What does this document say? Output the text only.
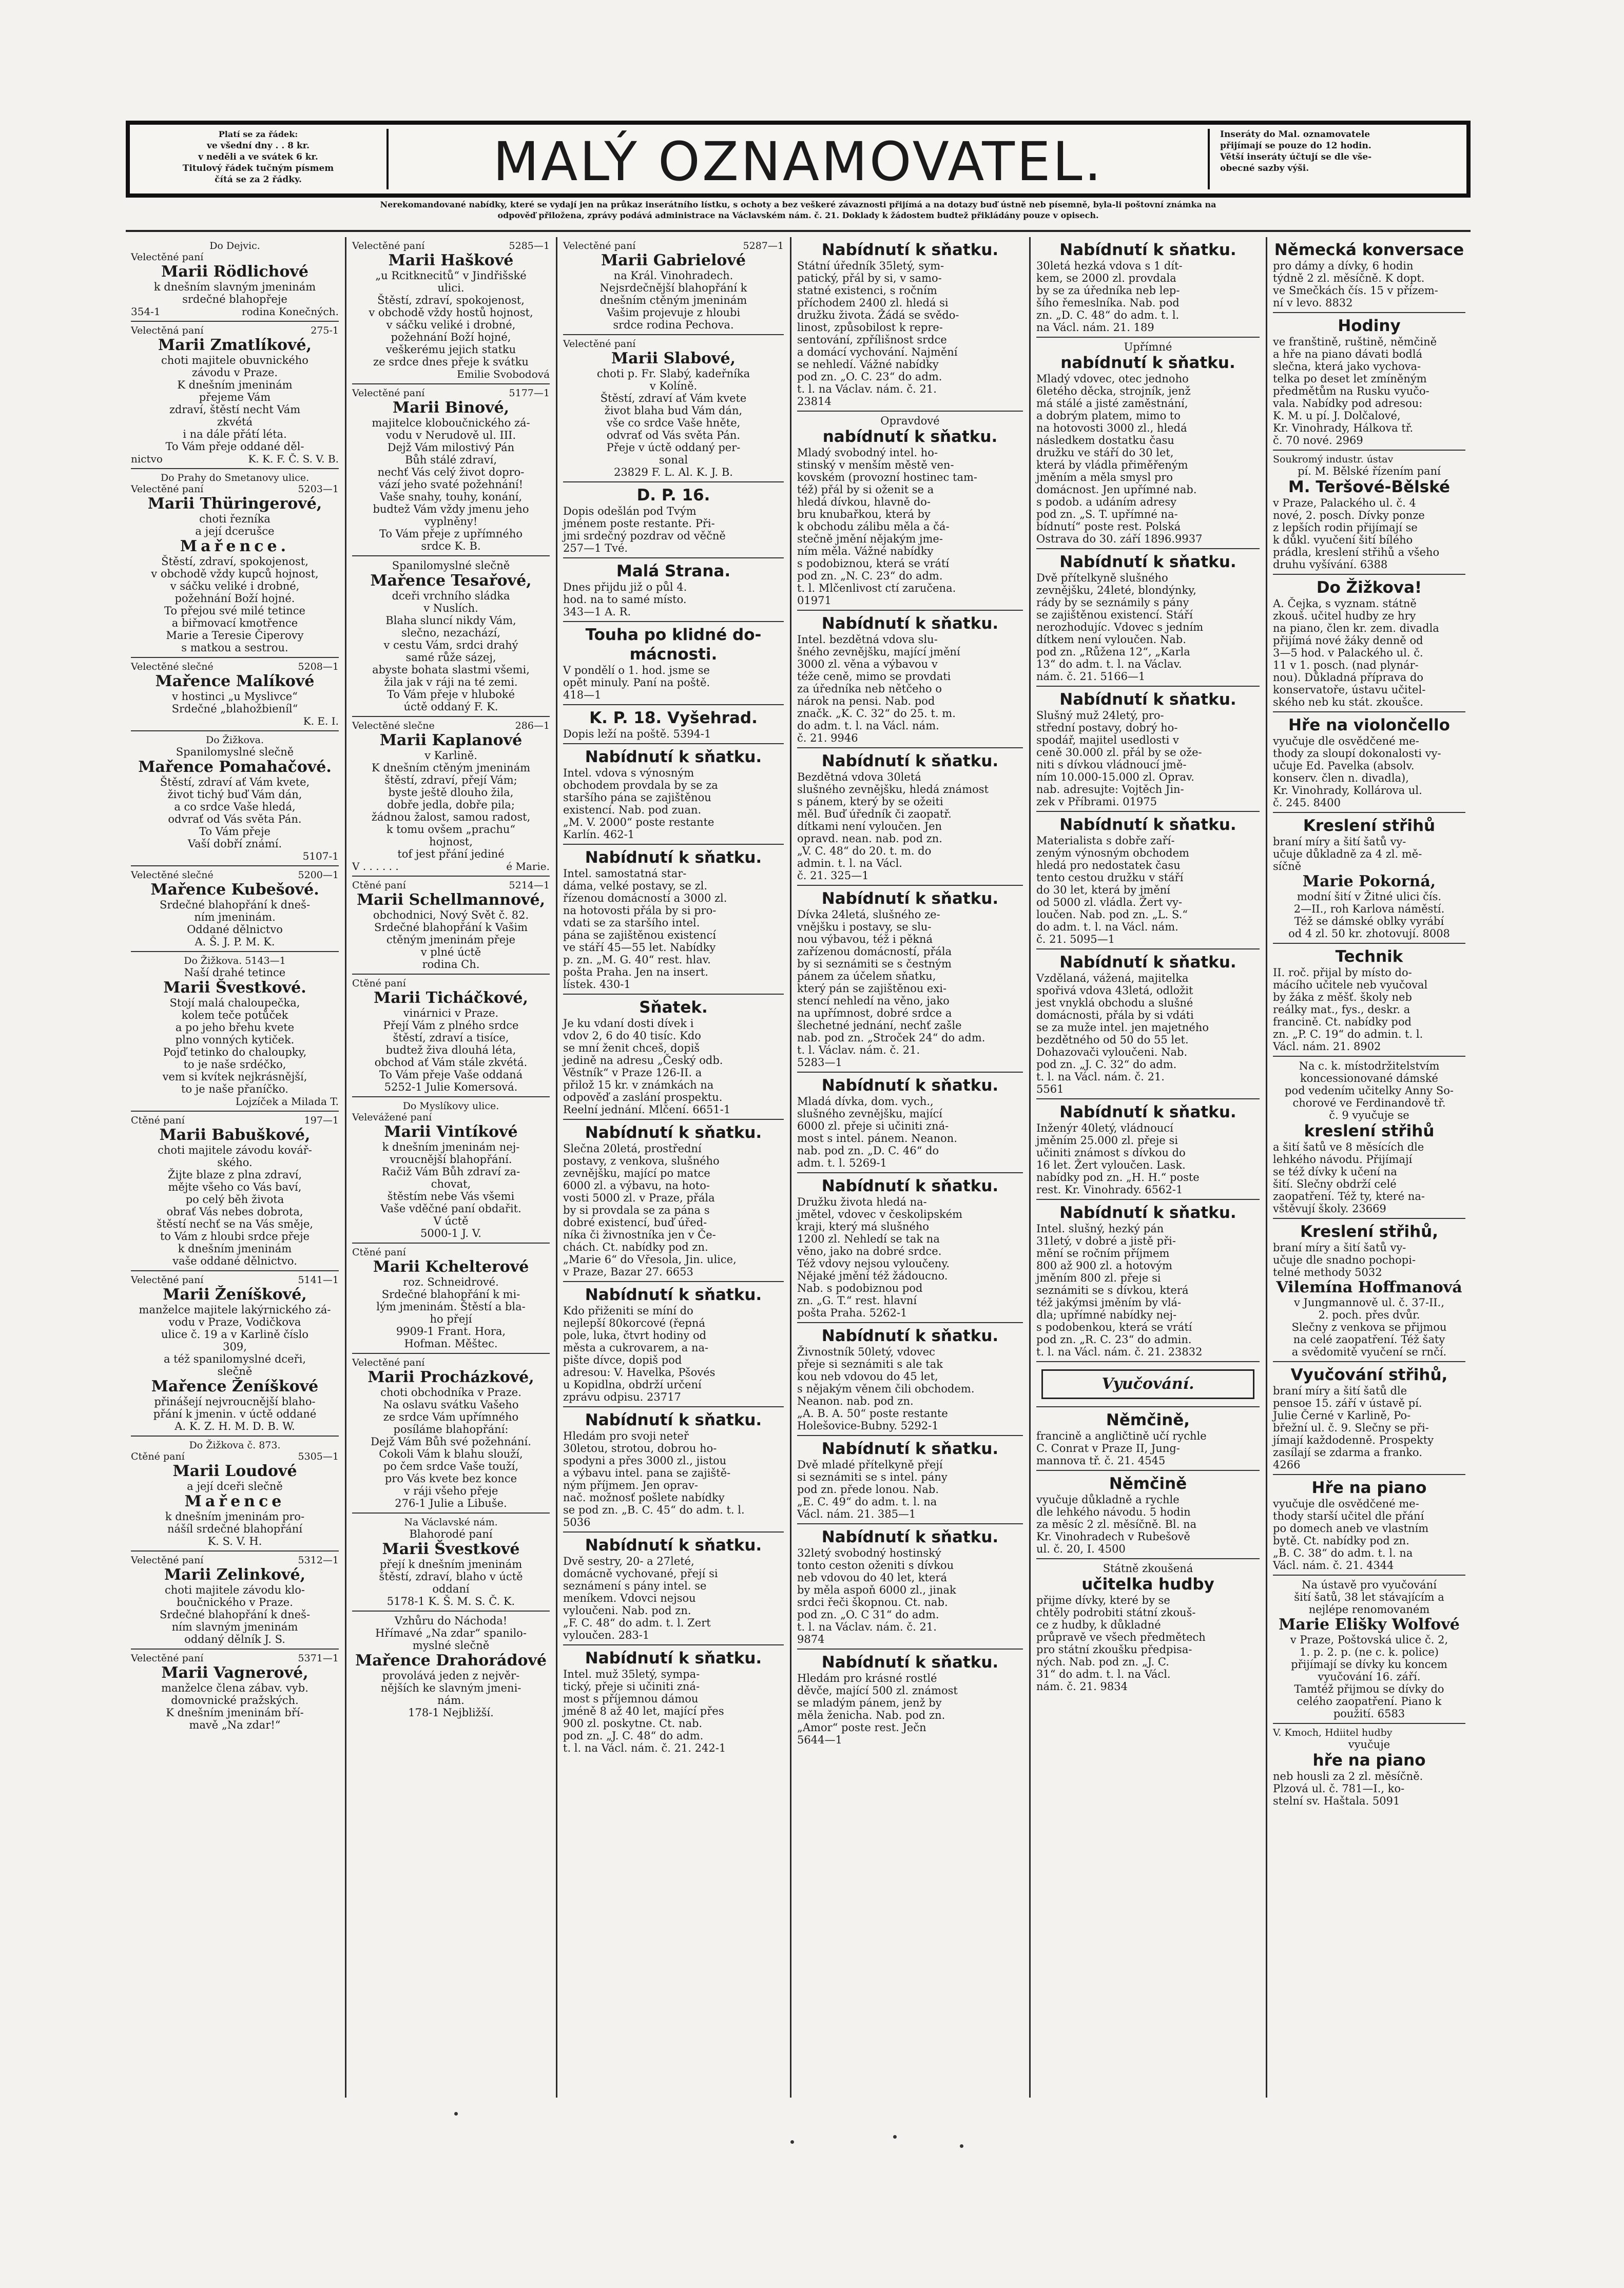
Platí se za řádek:
ve všední dny . . 8 kr.
v neděli a ve svátek 6 kr.
Titulový řádek tučným písmem
čítá se za 2 řádky.	MALÝ OZNAMOVATEL.	Inseráty do Mal. oznamovatele
přijímají se pouze do 12 hodin.
Větší inseráty účtují se dle vše-
obecné sazby výši.
Nerekomandované nabídky, které se vydají jen na průkaz inserátního lístku, s ochoty a bez veškeré závaznosti přijímá a na dotazy buď ústně neb písemně, byla-li poštovní známka na
odpověď přiložena, zprávy podává administrace na Václavském nám. č. 21. Doklady k žádostem budtež přikládány pouze v opisech.
Do Dejvic.
Velectěné paní
Marii Rödlichové
k dnešním slavným jmeninám
srdečné blahopřeje
354-1	rodina Konečných.
Velectěná paní	275-1
Marii Zmatlíkové,
choti majitele obuvnického
závodu v Praze.
K dnešním jmeninám
přejeme Vám
zdraví, štěstí necht Vám
zkvétá
i na dále přátí léta.
To Vám přeje oddané děl-
nictvo	K. K. F. Č. S. V. B.
Do Prahy do Smetanovy ulice.
Velectěné paní	5203—1
Marii Thüringerové,
choti řezníka
a její dcerušce
Mařence.
Štěstí, zdraví, spokojenost,
v obchodě vždy kupců hojnost,
v sáčku veliké i drobné,
požehnání Boží hojné.
To přejou své milé tetince
a biřmovací kmotřence
Marie a Teresie Čiperovy
s matkou a sestrou.
Velectěné slečné	5208—1
Mařence Malíkové
v hostinci „u Myslivce“
Srdečné „blahožbieníl“
K. E. I.
Do Žižkova.
Spanilomyslné slečně
Mařence Pomahačové.
Štěstí, zdraví ať Vám kvete,
život tichý buď Vám dán,
a co srdce Vaše hledá,
odvrať od Vás světa Pán.
To Vám přeje
Vaší dobří známí.
5107-1
Velectěné slečné	5200—1
Mařence Kubešové.
Srdečné blahopřání k dneš-
ním jmeninám.
Oddané dělnictvo
A. Š. J. P. M. K.
Do Žižkova. 5143—1
Naší drahé tetince
Marii Švestkové.
Stojí malá chaloupečka,
kolem teče potůček
a po jeho břehu kvete
plno vonných kytiček.
Pojď tetinko do chaloupky,
to je naše srdéčko,
vem si kvítek nejkrásnější,
to je naše přaníčko.
Lojzíček a Milada T.
Ctěné paní	197—1
Marii Babuškové,
choti majitele závodu kovář-
ského.
Žijte blaze z plna zdraví,
mějte všeho co Vás baví,
po celý běh života
obrať Vás nebes dobrota,
štěstí nechť se na Vás směje,
to Vám z hloubi srdce přeje
k dnešním jmeninám
vaše oddané dělnictvo.
Velectěné paní	5141—1
Marii Ženíškové,
manželce majitele lakýrnického zá-
vodu v Praze, Vodičkova
ulice č. 19 a v Karlině číslo
309,
a též spanilomyslné dceři,
slečně
Mařence Ženíškové
přinášejí nejvroucnější blaho-
přání k jmenin. v úctě oddané
A. K. Z. H. M. D. B. W.
Do Žižkova č. 873.
Ctěné paní	5305—1
Marii Loudové
a její dceři slečně
Mařence
k dnešním jmeninám pro-
nášíl srdečné blahopřání
K. S. V. H.
Velectěné paní	5312—1
Marii Zelinkové,
choti majitele závodu klo-
boučnického v Praze.
Srdečné blahopřání k dneš-
ním slavným jmeninám
oddaný dělník J. S.
Velectěné paní	5371—1
Marii Vagnerové,
manželce člena zábav. vyb.
domovnické pražských.
K dnešním jmeninám bří-
mavě „Na zdar!“
Velectěné paní	5285—1
Marii Haškové
„u Rcitknecitů“ v Jindřišské
ulici.
Štěstí, zdraví, spokojenost,
v obchodě vždy hostů hojnost,
v sáčku veliké i drobné,
požehnání Boží hojné,
veškerému jejich statku
ze srdce dnes přeje k svátku
Emilie Svobodová
Velectěné paní	5177—1
Marii Binové,
majitelce kloboučnického zá-
vodu v Nerudově ul. III.
Dejž Vám milostivý Pán
Bůh stálé zdraví,
nechť Vás celý život dopro-
vází jeho svaté požehnání!
Vaše snahy, touhy, konání,
budtež Vám vždy jmenu jeho
vyplněny!
To Vám přeje z upřímného
srdce K. B.
Spanilomyslné slečně
Mařence Tesařové,
dceři vrchního sládka
v Nuslích.
Blaha sluncí nikdy Vám,
slečno, nezachází,
v cestu Vám, srdci drahý
samé růže sázej,
abyste bohata slastmi všemi,
žila jak v ráji na té zemi.
To Vám přeje v hluboké
úctě oddaný F. K.
Velectěné slečne	286—1
Marii Kaplanové
v Karlině.
K dnešním ctěným jmeninám
štěstí, zdraví, přejí Vám;
byste ještě dlouho žila,
dobře jedla, dobře pila;
žádnou žalost, samou radost,
k tomu ovšem „prachu“
hojnost,
tof jest přání jediné
V . . . . . .	é Marie.
Ctěné paní	5214—1
Marii Schellmannové,
obchodnici, Nový Svět č. 82.
Srdečné blahopřání k Vašim
ctěným jmeninám přeje
v plné úctě
rodina Ch.
Ctěné paní
Marii Ticháčkové,
vinárnici v Praze.
Přejí Vám z plného srdce
štěstí, zdraví a tisíce,
budtež živa dlouhá léta,
obchod ať Vám stále zkvétá.
To Vám přeje Vaše oddaná
5252-1 Julie Komersová.
Do Myslíkovy ulice.
Velevážené paní
Marii Vintíkové
k dnešním jmeninám nej-
vroucnější blahopřání.
Račiž Vám Bůh zdraví za-
chovat,
štěstím nebe Vás všemi
Vaše vděčné paní obdařit.
V úctě
5000-1 J. V.
Ctěné paní
Marii Kchelterové
roz. Schneidrové.
Srdečné blahopřání k mi-
lým jmeninám. Štěstí a bla-
ho přejí
9909-1 Frant. Hora,
Hofman. Měštec.
Velectěné paní
Marii Procházkové,
choti obchodníka v Praze.
Na oslavu svátku Vašeho
ze srdce Vám upřímného
posíláme blahopřání:
Dejž Vám Bůh své požehnání.
Cokoli Vám k blahu slouží,
po čem srdce Vaše touží,
pro Vás kvete bez konce
v ráji všeho přeje
276-1 Julie a Libuše.
Na Václavské nám.
Blahorodé paní
Marii Švestkové
přejí k dnešním jmeninám
štěstí, zdraví, blaho v úctě
oddaní
5178-1 K. Š. M. S. Č. K.
Vzhůru do Náchoda!
Hřímavé „Na zdar“ spanilo-
myslné slečně
Mařence Drahorádové
provolává jeden z nejvěr-
nějších ke slavným jmeni-
nám.
178-1 Nejbližší.
Velectěné paní	5287—1
Marii Gabrielové
na Král. Vinohradech.
Nejsrdečnější blahopřání k
dnešním ctěným jmeninám
Vašim projevuje z hloubi
srdce rodina Pechova.
Velectěné paní
Marii Slabové,
choti p. Fr. Slabý, kadeřníka
v Kolíně.
Štěstí, zdraví ať Vám kvete
život blaha bud Vám dán,
vše co srdce Vaše hněte,
odvrať od Vás světa Pán.
Přeje v úctě oddaný per-
sonal
23829 F. L. Al. K. J. B.
D. P. 16.
Dopis odešlán pod Tvým
jménem poste restante. Při-
jmi srdečný pozdrav od věčně
257—1 Tvé.
Malá Strana.
Dnes přijdu již o půl 4.
hod. na to samé místo.
343—1 A. R.
Touha po klidné do-
mácnosti.
V pondělí o 1. hod. jsme se
opět minuly. Paní na poště.
418—1
K. P. 18. Vyšehrad.
Dopis leží na poště. 5394-1
Nabídnutí k sňatku.
Intel. vdova s výnosným
obchodem provdala by se za
staršího pána se zajištěnou
existencí. Nab. pod zuan.
„M. V. 2000“ poste restante
Karlín. 462-1
Nabídnutí k sňatku.
Intel. samostatná star-
dáma, velké postavy, se zl.
řízenou domácností a 3000 zl.
na hotovosti přála by si pro-
vdati se za staršího intel.
pána se zajištěnou existencí
ve stáří 45—55 let. Nabídky
p. zn. „M. G. 40“ rest. hlav.
pošta Praha. Jen na insert.
lístek. 430-1
Sňatek.
Je ku vdaní dosti dívek i
vdov 2, 6 do 40 tisíc. Kdo
se mní ženit chceš, dopiš
jedině na adresu „Český odb.
Věstník“ v Praze 126-II. a
přilož 15 kr. v známkách na
odpověď a zaslání prospektu.
Reelní jednání. Mlčení. 6651-1
Nabídnutí k sňatku.
Slečna 20letá, prostřední
postavy, z venkova, slušného
zevnějšku, mající po matce
6000 zl. a výbavu, na hoto-
vosti 5000 zl. v Praze, přála
by si provdala se za pána s
dobré existencí, buď úřed-
níka či živnostníka jen v Če-
chách. Ct. nabídky pod zn.
„Marie 6“ do Vřesola, Jin. ulice,
v Praze, Bazar 27. 6653
Nabídnutí k sňatku.
Kdo přiženiti se míní do
nejlepší 80korcové (řepná
pole, luka, čtvrt hodiny od
města a cukrovarem, a na-
pište dívce, dopiš pod
adresou: V. Havelka, Pšovés
u Kopidlna, obdrží určení
zprávu odpisu. 23717
Nabídnutí k sňatku.
Hledám pro svoji neteř
30letou, strotou, dobrou ho-
spodyni a přes 3000 zl., jistou
a výbavu intel. pana se zajiště-
ným příjmem. Jen oprav-
nač. možnosť pošlete nabídky
se pod zn. „B. C. 45“ do adm. t. l.
5036
Nabídnutí k sňatku.
Dvě sestry, 20- a 27leté,
domácně vychované, přejí si
seznámení s pány intel. se
meníkem. Vdovci nejsou
vyloučeni. Nab. pod zn.
„F. C. 48“ do adm. t. l. Zert
vyloučen. 283-1
Nabídnutí k sňatku.
Intel. muž 35letý, sympa-
tický, přeje si učiniti zná-
most s příjemnou dámou
jméně 8 až 40 let, mající přes
900 zl. poskytne. Ct. nab.
pod zn. „J. C. 48“ do adm.
t. l. na Václ. nám. č. 21. 242-1
Nabídnutí k sňatku.
Státní úředník 35letý, sym-
patický, přál by si, v samo-
statné existenci, s ročním
příchodem 2400 zl. hledá si
družku života. Žádá se svědo-
linost, způsobilost k repre-
sentování, zpřílišnost srdce
a domácí vychování. Najmění
se nehledí. Vážné nabídky
pod zn. „O. C. 23“ do adm.
t. l. na Václav. nám. č. 21.
23814
Opravdové
nabídnutí k sňatku.
Mladý svobodný intel. ho-
stinský v menším městě ven-
kovském (provozní hostinec tam-
též) přál by si oženit se a
hledá dívkou, hlavně do-
bru knubařkou, která by
k obchodu zálibu měla a čá-
stečně jmění nějakým jme-
ním měla. Vážné nabídky
s podobiznou, která se vrátí
pod zn. „N. C. 23“ do adm.
t. l. Mlčenlivost ctí zaručena.
01971
Nabídnutí k sňatku.
Intel. bezdětná vdova slu-
šného zevnějšku, mající jmění
3000 zl. věna a výbavou v
téže ceně, mimo se provdati
za úředníka neb nětčeho o
nárok na pensi. Nab. pod
značk. „K. C. 32“ do 25. t. m.
do adm. t. l. na Václ. nám.
č. 21. 9946
Nabídnutí k sňatku.
Bezdětná vdova 30letá
slušného zevnějšku, hledá známost
s pánem, který by se ožeiti
měl. Buď úředník či zaopatř.
dítkami není vyloučen. Jen
opravd. nean. nab. pod zn.
„V. C. 48“ do 20. t. m. do
admin. t. l. na Václ.
č. 21. 325—1
Nabídnutí k sňatku.
Dívka 24letá, slušného ze-
vnějšku i postavy, se slu-
nou výbavou, též i pěkná
zařízenou domácností, přála
by si seznámiti se s čestným
pánem za účelem sňatku,
který pán se zajištěnou exi-
stencí nehledí na věno, jako
na upřímnost, dobré srdce a
šlechetné jednání, nechť zašle
nab. pod zn. „Stroček 24“ do adm.
t. l. Václav. nám. č. 21.
5283—1
Nabídnutí k sňatku.
Mladá dívka, dom. vych.,
slušného zevnějšku, mající
6000 zl. přeje si učiniti zná-
most s intel. pánem. Neanon.
nab. pod zn. „D. C. 46“ do
adm. t. l. 5269-1
Nabídnutí k sňatku.
Družku života hledá na-
jmětel, vdovec v českolipském
kraji, který má slušného
1200 zl. Nehledí se tak na
věno, jako na dobré srdce.
Též vdovy nejsou vyloučeny.
Nějaké jmění též žádoucno.
Nab. s podobiznou pod
zn. „G. T.“ rest. hlavní
pošta Praha. 5262-1
Nabídnutí k sňatku.
Živnostník 50letý, vdovec
přeje si seznámiti s ale tak
kou neb vdovou do 45 let,
s nějakým věnem čili obchodem.
Neanon. nab. pod zn.
„A. B. A. 50“ poste restante
Holešovice-Bubny. 5292-1
Nabídnutí k sňatku.
Dvě mladé přítelkyně přejí
si seznámiti se s intel. pány
pod zn. přede lonou. Nab.
„E. C. 49“ do adm. t. l. na
Václ. nám. 21. 385—1
Nabídnutí k sňatku.
32letý svobodný hostinský
tonto ceston oženiti s dívkou
neb vdovou do 40 let, která
by měla aspoň 6000 zl., jinak
srdci řeči škopnou. Ct. nab.
pod zn. „O. C 31“ do adm.
t. l. na Václav. nám. č. 21.
9874
Nabídnutí k sňatku.
Hledám pro krásné rostlé
děvče, mající 500 zl. známost
se mladým pánem, jenž by
měla ženicha. Nab. pod zn.
„Amor“ poste rest. Ječn
5644—1
Nabídnutí k sňatku.
30letá hezká vdova s 1 dít-
kem, se 2000 zl. provdala
by se za úředníka neb lep-
šího řemeslníka. Nab. pod
zn. „D. C. 48“ do adm. t. l.
na Václ. nám. 21. 189
Upřímné
nabídnutí k sňatku.
Mladý vdovec, otec jednoho
6letého děcka, strojník, jenž
má stálé a jisté zaměstnání,
a dobrým platem, mimo to
na hotovosti 3000 zl., hledá
následkem dostatku času
družku ve stáří do 30 let,
která by vládla přiměřeným
jměním a měla smysl pro
domácnost. Jen upřímné nab.
s podob. a udáním adresy
pod zn. „S. T. upřímné na-
bídnutí“ poste rest. Polská
Ostrava do 30. září 1896.9937
Nabídnutí k sňatku.
Dvě přítelkyně slušného
zevnějšku, 24leté, blondýnky,
rády by se seznámily s pány
se zajištěnou existencí. Stáří
nerozhodujíc. Vdovec s jedním
dítkem není vyloučen. Nab.
pod zn. „Růžena 12“, „Karla
13“ do adm. t. l. na Václav.
nám. č. 21. 5166—1
Nabídnutí k sňatku.
Slušný muž 24letý, pro-
střední postavy, dobrý ho-
spodář, majitel usedlosti v
ceně 30.000 zl. přál by se ože-
niti s dívkou vládnoucí jmě-
ním 10.000-15.000 zl. Oprav.
nab. adresujte: Vojtěch Jin-
zek v Příbrami. 01975
Nabídnutí k sňatku.
Materialista s dobře zaří-
zeným výnosným obchodem
hledá pro nedostatek času
tento cestou družku v stáří
do 30 let, která by jmění
od 5000 zl. vládla. Žert vy-
loučen. Nab. pod zn. „L. S.“
do adm. t. l. na Václ. nám.
č. 21. 5095—1
Nabídnutí k sňatku.
Vzdělaná, vážená, majitelka
spořivá vdova 43letá, odložit
jest vnyklá obchodu a slušné
domácnosti, přála by si vdáti
se za muže intel. jen majetného
bezdětného od 50 do 55 let.
Dohazovači vyloučeni. Nab.
pod zn. „J. C. 32“ do adm.
t. l. na Václ. nám. č. 21.
5561
Nabídnutí k sňatku.
Inženýr 40letý, vládnoucí
jměním 25.000 zl. přeje si
učiniti známost s dívkou do
16 let. Žert vyloučen. Lask.
nabídky pod zn. „H. H.“ poste
rest. Kr. Vinohrady. 6562-1
Nabídnutí k sňatku.
Intel. slušný, hezký pán
31letý, v dobré a jistě při-
mění se ročním příjmem
800 až 900 zl. a hotovým
jměním 800 zl. přeje si
seznámiti se s dívkou, která
též jakýmsi jměním by vlá-
dla; upřímné nabídky nej-
s podobenkou, která se vrátí
pod zn. „R. C. 23“ do admin.
t. l. na Václ. nám. č. 21. 23832
Vyučování.
Němčině,
francině a angličtině učí rychle
C. Conrat v Praze II, Jung-
mannova tř. č. 21. 4545
Němčině
vyučuje důkladně a rychle
dle lehkého návodu. 5 hodin
za měsíc 2 zl. měsíčně. Bl. na
Kr. Vinohradech v Rubešově
ul. č. 20, I. 4500
Státně zkoušená
učitelka hudby
přijme dívky, které by se
chtěly podrobiti státní zkouš-
ce z hudby, k důkladné
průpravě ve všech předmětech
pro státní zkoušku předpisa-
ných. Nab. pod zn. „J. C.
31“ do adm. t. l. na Václ.
nám. č. 21. 9834
Německá konversace
pro dámy a dívky, 6 hodin
týdně 2 zl. měsíčně. K dopt.
ve Smečkách čís. 15 v přízem-
ní v levo. 8832
Hodiny
ve franštině, ruštině, němčině
a hře na piano dávati bodlá
slečna, která jako vychova-
telka po deset let zmíněným
předmětům na Rusku vyučo-
vala. Nabídky pod adresou:
K. M. u pí. J. Dolčalové,
Kr. Vinohrady, Hálkova tř.
č. 70 nové. 2969
Soukromý industr. ústav
pí. M. Bělské řízením paní
M. Teršové-Bělské
v Praze, Palackého ul. č. 4
nové, 2. posch. Dívky ponze
z lepších rodin přijímají se
k důkl. vyučení šití bílého
prádla, kreslení střihů a všeho
druhu vyšívání. 6388
Do Žižkova!
A. Čejka, s vyznam. státně
zkouš. učitel hudby ze hry
na piano, člen kr. zem. divadla
přijímá nové žáky denně od
3—5 hod. v Palackého ul. č.
11 v 1. posch. (nad plynár-
nou). Důkladná příprava do
konservatoře, ústavu učitel-
ského neb ku stát. zkoušce.
Hře na violončello
vyučuje dle osvědčené me-
thody za sloupí dokonalosti vy-
učuje Ed. Pavelka (absolv.
konserv. člen n. divadla),
Kr. Vinohrady, Kollárova ul.
č. 245. 8400
Kreslení střihů
braní míry a šití šatů vy-
učuje důkladně za 4 zl. mě-
síčně
Marie Pokorná,
modní šití v Žitné ulici čís.
2—II., roh Karlova náměstí.
Též se dámské oblky vyrábí
od 4 zl. 50 kr. zhotovují. 8008
Technik
II. roč. přijal by místo do-
mácího učitele neb vyučoval
by žáka z měšť. školy neb
reálky mat., fys., deskr. a
francině. Ct. nabídky pod
zn. „P. C. 19“ do admin. t. l.
Václ. nám. 21. 8902
Na c. k. místodržitelstvím
koncessionované dámské
pod vedením učitelky Anny So-
chorové ve Ferdinandově tř.
č. 9 vyučuje se
kreslení střihů
a šití šatů ve 8 měsících dle
lehkého návodu. Přijímají
se též dívky k učení na
šití. Slečny obdrží celé
zaopatření. Též ty, které na-
vštěvují školy. 23669
Kreslení střihů,
braní míry a šití šatů vy-
učuje dle snadno pochopi-
telné methody 5032
Vilemína Hoffmanová
v Jungmannově ul. č. 37-II.,
2. poch. přes dvůr.
Slečny z venkova se přijmou
na celé zaopatření. Též šaty
a svědomitě vyučení se rnčí.
Vyučování střihů,
braní míry a šití šatů dle
pensoe 15. září v ústavě pí.
Julie Černé v Karlině, Po-
břežní ul. č. 9. Slečny se při-
jímají každodenně. Prospekty
zasílají se zdarma a franko.
4266
Hře na piano
vyučuje dle osvědčené me-
thody starší učitel dle přání
po domech aneb ve vlastním
bytě. Ct. nabídky pod zn.
„B. C. 38“ do adm. t. l. na
Václ. nám. č. 21. 4344
Na ústavě pro vyučování
šití šatů, 38 let stávajícím a
nejlépe renomovaném
Marie Elišky Wolfové
v Praze, Poštovská ulice č. 2,
1. p. 2. p. (ne c. k. police)
přijímají se dívky ku koncem
vyučování 16. září.
Tamtéž přijmou se dívky do
celého zaopatření. Piano k
použití. 6583
V. Kmoch, Hdiitel hudby
vyučuje
hře na piano
neb housli za 2 zl. měsíčně.
Plzová ul. č. 781—I., ko-
stelní sv. Haštala. 5091
